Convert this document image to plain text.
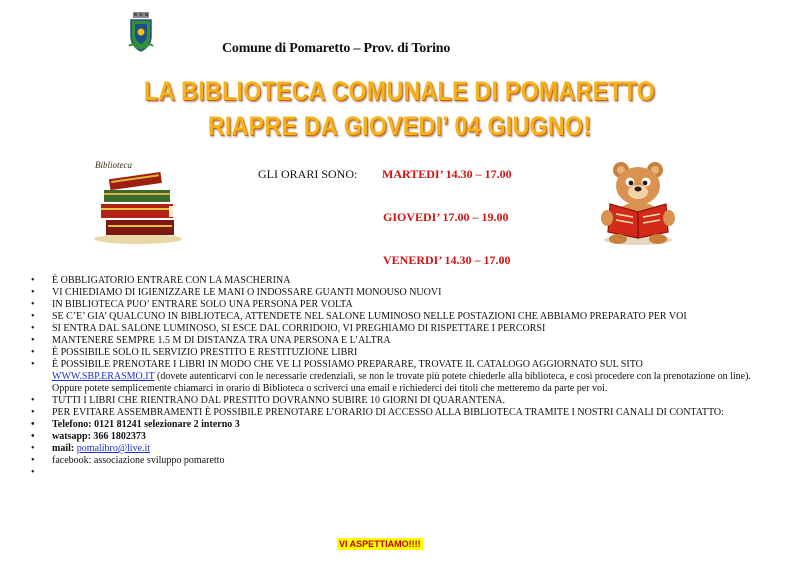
Comune di Pomaretto – Prov. di Torino
LA BIBLIOTECA COMUNALE DI POMARETTO
RIAPRE DA GIOVEDI’ 04 GIUGNO!
Biblioteca
GLI ORARI SONO: MARTEDI’ 14.30 – 17.00
GIOVEDI’ 17.00 – 19.00
VENERDI’ 14.30 – 17.00
• È OBBLIGATORIO ENTRARE CON LA MASCHERINA
• VI CHIEDIAMO DI IGIENIZZARE LE MANI O INDOSSARE GUANTI MONOUSO NUOVI
• IN BIBLIOTECA PUO’ ENTRARE SOLO UNA PERSONA PER VOLTA
• SE C’E’ GIA’ QUALCUNO IN BIBLIOTECA, ATTENDETE NEL SALONE LUMINOSO NELLE POSTAZIONI CHE ABBIAMO PREPARATO PER VOI
• SI ENTRA DAL SALONE LUMINOSO, SI ESCE DAL CORRIDOIO, VI PREGHIAMO DI RISPETTARE I PERCORSI
• MANTENERE SEMPRE 1.5 M DI DISTANZA TRA UNA PERSONA E L’ALTRA
• È POSSIBILE SOLO IL SERVIZIO PRESTITO E RESTITUZIONE LIBRI
• È POSSIBILE PRENOTARE I LIBRI IN MODO CHE VE LI POSSIAMO PREPARARE, TROVATE IL CATALOGO AGGIORNATO SUL SITO
WWW.SBP.ERASMO.IT (dovete autenticarvi con le necessarie credenziali, se non le trovate più potete chiederle alla biblioteca, e così procedere con la prenotazione on line). Oppure potete semplicemente chiamarci in orario di Biblioteca o scriverci una email e richiederci dei titoli che metteremo da parte per voi.
• TUTTI I LIBRI CHE RIENTRANO DAL PRESTITO DOVRANNO SUBIRE 10 GIORNI DI QUARANTENA.
• PER EVITARE ASSEMBRAMENTI È POSSIBILE PRENOTARE L’ORARIO DI ACCESSO ALLA BIBLIOTECA TRAMITE I NOSTRI CANALI DI CONTATTO:
• Telefono: 0121 81241 selezionare 2 interno 3
• watsapp: 366 1802373
• mail: pomalibro@live.it
• facebook: associazione sviluppo pomaretto
VI ASPETTIAMO!!!!
